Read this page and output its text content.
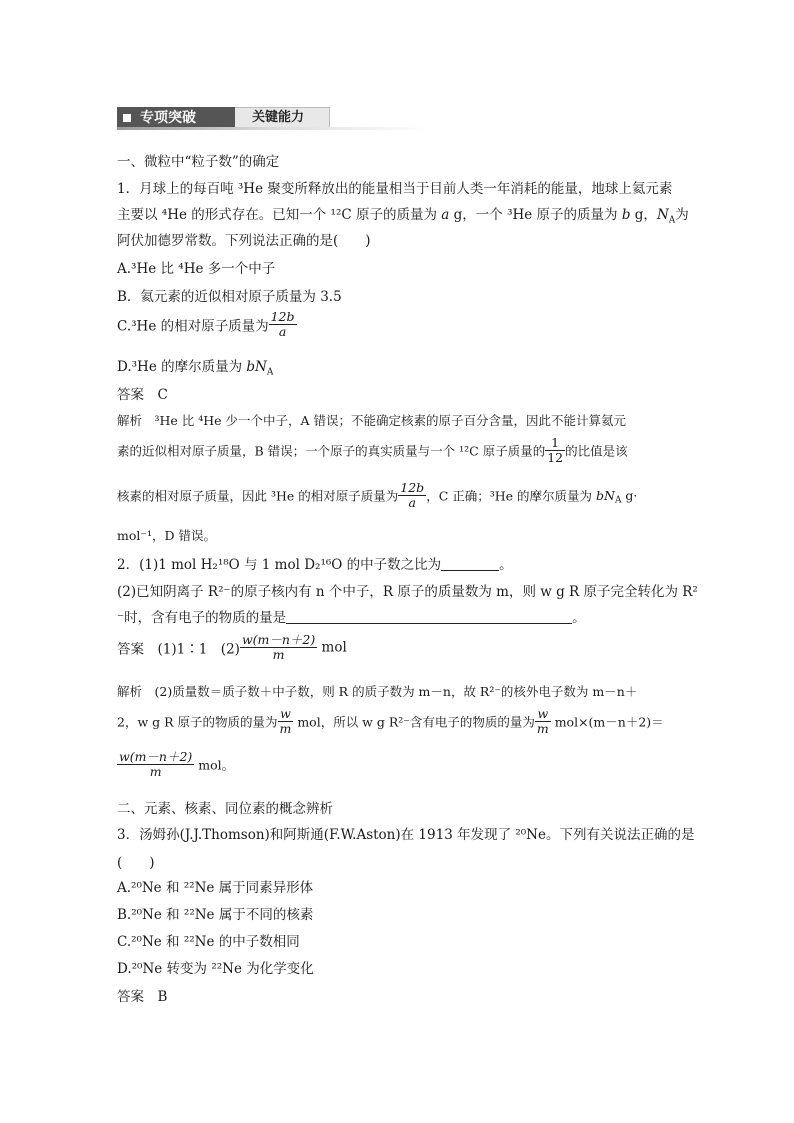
专项突破	关键能力
一、微粒中“粒子数”的确定
1．月球上的每百吨 ³He 聚变所释放出的能量相当于目前人类一年消耗的能量，地球上氦元素
主要以 ⁴He 的形式存在。已知一个 ¹²C 原子的质量为 a g，一个 ³He 原子的质量为 b g，$N_A$为
阿伏加德罗常数。下列说法正确的是(　　)
A.³He 比 ⁴He 多一个中子
B．氦元素的近似相对原子质量为 3.5
C.³He 的相对原子质量为 $\frac{12b}{a}$
D.³He 的摩尔质量为 $bN_A$
答案　C
解析　³He 比 ⁴He 少一个中子，A 错误；不能确定核素的原子百分含量，因此不能计算氦元
素的近似相对原子质量，B 错误；一个原子的真实质量与一个 ¹²C 原子质量的 $\frac{1}{12}$ 的比值是该
核素的相对原子质量，因此 ³He 的相对原子质量为 $\frac{12b}{a}$ ，C 正确；³He 的摩尔质量为 $bN_A$ g·
mol⁻¹，D 错误。
2．(1)1 mol H₂¹⁸O 与 1 mol D₂¹⁶O 的中子数之比为	。
(2)已知阴离子 R²⁻的原子核内有 n 个中子，R 原子的质量数为 m，则 w g R 原子完全转化为 R²
⁻时，含有电子的物质的量是	。
答案　(1)1∶1　$(2) \frac{w(m-n+2)}{m}$ mol
解析　(2)质量数＝质子数＋中子数，则 R 的质子数为 m－n，故 R²⁻的核外电子数为 m－n＋
2，w g R 原子的物质的量为 $\frac{w}{m}$ mol，所以 w g R²⁻含有电子的物质的量为 $\frac{w}{m} mol\times(m-n+2)=$
$\frac{w(m-n+2)}{m}$ mol。
二、元素、核素、同位素的概念辨析
3．汤姆孙(J.J.Thomson)和阿斯通(F.W.Aston)在 1913 年发现了 ²⁰Ne。下列有关说法正确的是
(　　)
A.²⁰Ne 和 ²²Ne 属于同素异形体
B.²⁰Ne 和 ²²Ne 属于不同的核素
C.²⁰Ne 和 ²²Ne 的中子数相同
D.²⁰Ne 转变为 ²²Ne 为化学变化
答案　B
